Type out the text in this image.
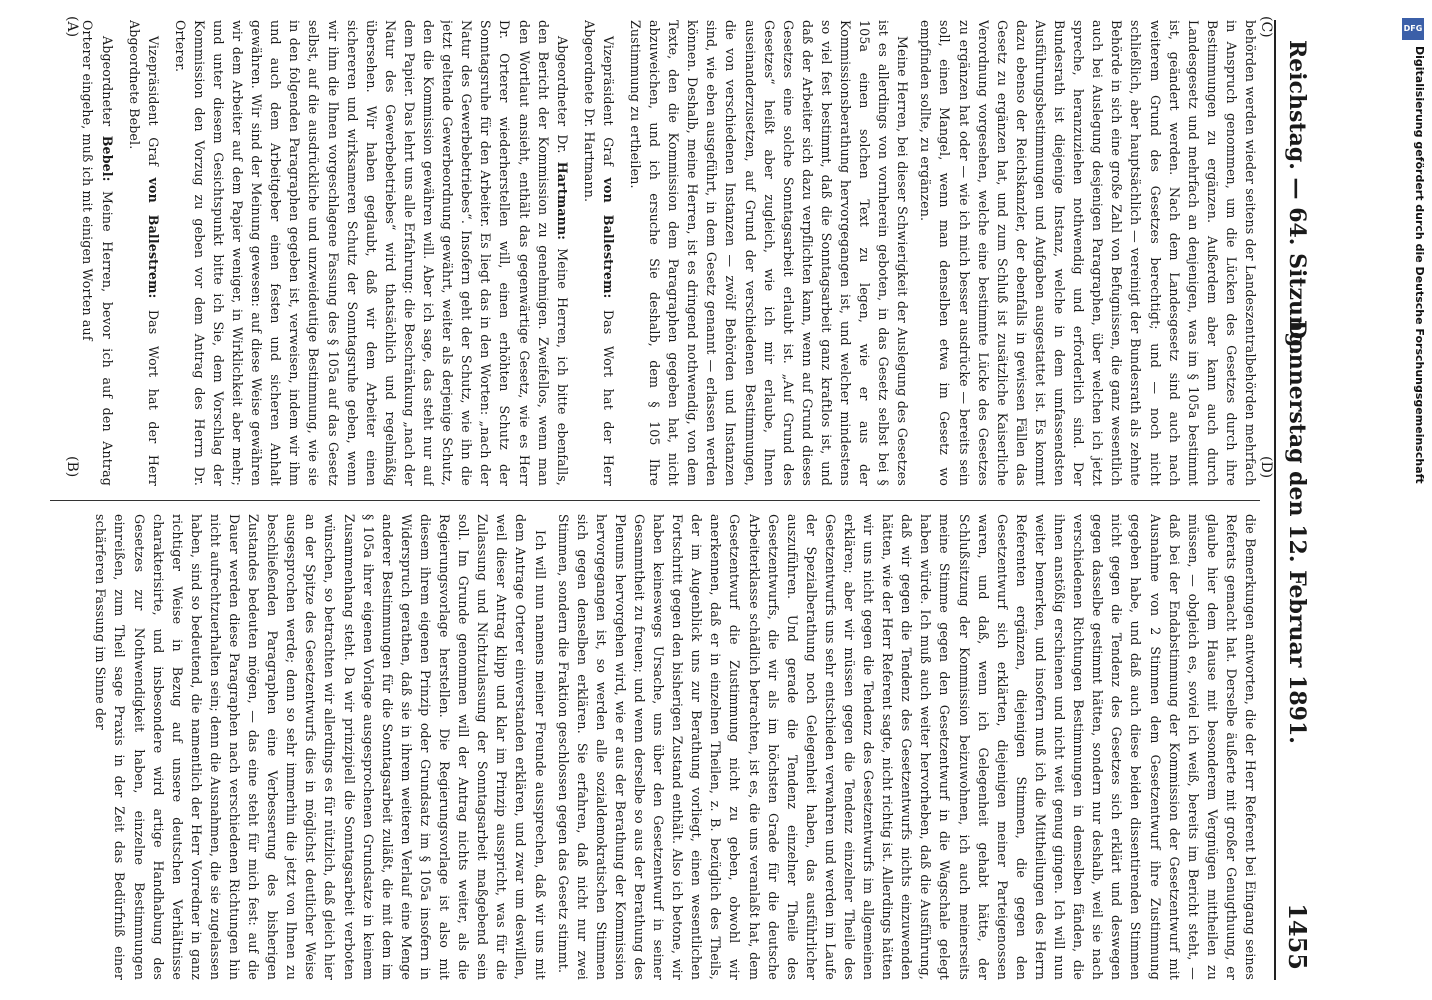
Reichstag. — 64. Sitzung.
Donnerstag den 12. Februar 1891.
1455

behörden werden wieder seitens der Landeszentralbehörden mehrfach in Anspruch genommen, um die Lücken des Gesetzes durch ihre Bestimmungen zu ergänzen. Außerdem aber kann auch durch Landesgesetz und mehrfach an denjenigen, was im § 105a bestimmt ist, geändert werden. Nach dem Landesgesetz sind auch nach weiterem Grund des Gesetzes berechtigt; und — noch nicht schließlich, aber hauptsächlich — vereinigt der Bundesrath als zehnte Behörde in sich eine große Zahl von Befugnissen, die ganz wesentlich auch bei Auslegung desjenigen Paragraphen, über welchen ich jetzt spreche, heranzuziehen nothwendig und erforderlich sind. Der Bundesrath ist diejenige Instanz, welche in dem umfassendsten Ausführungsbestimmungen und Aufgaben ausgestattet ist. Es kommt dazu ebenso der Reichskanzler, der ebenfalls in gewissen Fällen das Gesetz zu ergänzen hat, und zum Schluß ist zusätzliche Kaiserliche Verordnung vorgesehen, welche eine bestimmte Lücke des Gesetzes zu ergänzen hat oder — wie ich mich besser ausdrücke — bereits sein soll, einen Mangel, wenn man denselben etwa im Gesetz wo empfinden sollte, zu ergänzen.

Meine Herren, bei dieser Schwierigkeit der Auslegung des Gesetzes ist es allerdings von vornherein geboten, in das Gesetz selbst bei § 105a einen solchen Text zu legen, wie er aus der Kommissionsberathung hervorgegangen ist, und welcher mindestens so viel fest bestimmt, daß die Sonntagsarbeit ganz kraftlos ist, und daß der Arbeiter sich dazu verpflichten kann, wenn auf Grund dieses Gesetzes eine solche Sonntagsarbeit erlaubt ist. „Auf Grund des Gesetzes“ heißt aber zugleich, wie ich mir erlaube, Ihnen auseinanderzusetzen, auf Grund der verschiedenen Bestimmungen, die von verschiedenen Instanzen — zwölf Behörden und Instanzen sind, wie eben ausgeführt, in dem Gesetz genannt — erlassen werden können. Deshalb, meine Herren, ist es dringend nothwendig, von dem Texte, den die Kommission dem Paragraphen gegeben hat, nicht abzuweichen, und ich ersuche Sie deshalb, dem § 105 Ihre Zustimmung zu ertheilen.

Vizepräsident Graf von Ballestrem: Das Wort hat der Herr Abgeordnete Dr. Hartmann.

Abgeordneter Dr. Hartmann: Meine Herren, ich bitte ebenfalls, den Bericht der Kommission zu genehmigen. Zweifellos, wenn man den Wortlaut ansieht, enthält das gegenwärtige Gesetz, wie es Herr Dr. Orterer wiederherstellen will, einen erhöhten Schutz der Sonntagsruhe für den Arbeiter. Es liegt das in den Worten: „nach der Natur des Gewerbebetriebes“. Insofern geht der Schutz, wie ihn die jetzt geltende Gewerbeordnung gewährt, weiter als derjenige Schutz, den die Kommission gewähren will. Aber ich sage, das steht nur auf dem Papier. Das lehrt uns alle Erfahrung: die Beschränkung „nach der Natur des Gewerbebetriebes“ wird thatsächlich und regelmäßig übersehen. Wir haben geglaubt, daß wir dem Arbeiter einen sichereren und wirksameren Schutz der Sonntagsruhe geben, wenn wir ihm die Ihnen vorgeschlagene Fassung des § 105a auf das Gesetz selbst, auf die ausdrückliche und unzweideutige Bestimmung, wie sie in den folgenden Paragraphen gegeben ist, verweisen, indem wir ihm und auch dem Arbeitgeber einen festen und sicheren Anhalt gewähren. Wir sind der Meinung gewesen: auf diese Weise gewähren wir dem Arbeiter auf dem Papier weniger, in Wirklichkeit aber mehr; und unter diesem Gesichtspunkt bitte ich Sie, dem Vorschlag der Kommission den Vorzug zu geben vor dem Antrag des Herrn Dr. Orterer.

Vizepräsident Graf von Ballestrem: Das Wort hat der Herr Abgeordnete Bebel.

Abgeordneter Bebel: Meine Herren, bevor ich auf den Antrag Orterer eingehe, muß ich mit einigen Worten auf

die Bemerkungen antworten, die der Herr Referent bei Eingang seines Referats gemacht hat. Derselbe äußerte mit großer Genugthuung, er glaube hier dem Hause mit besonderem Vergnügen mittheilen zu müssen, — obgleich es, soviel ich weiß, bereits im Bericht steht, — daß bei der Endabstimmung der Kommission der Gesetzentwurf mit Ausnahme von 2 Stimmen dem Gesetzentwurf ihre Zustimmung gegeben habe, und daß auch diese beiden dissentirenden Stimmen nicht gegen die Tendenz des Gesetzes sich erklärt und deswegen gegen dasselbe gestimmt hätten, sondern nur deshalb, weil sie nach verschiedenen Richtungen Bestimmungen in demselben fänden, die ihnen anstößig erschienen und nicht weit genug gingen. Ich will nun weiter bemerken, und insofern muß ich die Mittheilungen des Herrn Referenten ergänzen, diejenigen Stimmen, die gegen den Gesetzentwurf sich erklärten, diejenigen meiner Parteigenossen waren, und daß, wenn ich Gelegenheit gehabt hätte, der Schlußsitzung der Kommission beizuwohnen, ich auch meinerseits meine Stimme gegen den Gesetzentwurf in die Wagschale gelegt haben würde. Ich muß auch weiter hervorheben, daß die Ausführung, daß wir gegen die Tendenz des Gesetzentwurfs nichts einzuwenden hätten, wie der Herr Referent sagte, nicht richtig ist. Allerdings hätten wir uns nicht gegen die Tendenz des Gesetzentwurfs im allgemeinen erklären; aber wir müssen gegen die Tendenz einzelner Theile des Gesetzentwurfs uns sehr entschieden verwahren und werden im Laufe der Spezialberathung noch Gelegenheit haben, das ausführlicher auszuführen. Und gerade die Tendenz einzelner Theile des Gesetzentwurfs, die wir als im höchsten Grade für die deutsche Arbeiterklasse schädlich betrachten, ist es, die uns veranlaßt hat, dem Gesetzentwurf die Zustimmung nicht zu geben, obwohl wir anerkennen, daß er in einzelnen Theilen, z. B. bezüglich des Theils, der im Augenblick uns zur Berathung vorliegt, einen wesentlichen Fortschritt gegen den bisherigen Zustand enthält. Also ich betone, wir haben keineswegs Ursache, uns über den Gesetzentwurf in seiner Gesammtheit zu freuen; und wenn derselbe so aus der Berathung des Plenums hervorgehen wird, wie er aus der Berathung der Kommission hervorgegangen ist, so werden alle sozialdemokratischen Stimmen sich gegen denselben erklären. Sie erfahren, daß nicht nur zwei Stimmen, sondern die Fraktion geschlossen gegen das Gesetz stimmt.

Ich will nun namens meiner Freunde aussprechen, daß wir uns mit dem Antrage Orterer einverstanden erklären, und zwar um deswillen, weil dieser Antrag klipp und klar im Prinzip ausspricht, was für die Zulassung und Nichtzulassung der Sonntagsarbeit maßgebend sein soll. Im Grunde genommen will der Antrag nichts weiter, als die Regierungsvorlage herstellen. Die Regierungsvorlage ist also mit diesem ihrem eigenen Prinzip oder Grundsatz im § 105a insofern in Widerspruch gerathen, daß sie in ihrem weiteren Verlauf eine Menge anderer Bestimmungen für die Sonntagsarbeit zuläßt, die mit dem im § 105a ihrer eigenen Vorlage ausgesprochenen Grundsatze in keinem Zusammenhang steht. Da wir prinzipiell die Sonntagsarbeit verboten wünschen, so betrachten wir allerdings es für nützlich, daß gleich hier an der Spitze des Gesetzentwurfs dies in möglichst deutlicher Weise ausgesprochen werde; denn so sehr immerhin die jetzt von Ihnen zu beschließenden Paragraphen eine Verbesserung des bisherigen Zustandes bedeuten mögen, — das eine steht für mich fest: auf die Dauer werden diese Paragraphen nach verschiedenen Richtungen hin nicht aufrechtzuerhalten sein; denn die Ausnahmen, die sie zugelassen haben, sind so bedeutend, die namentlich der Herr Vorredner in ganz richtiger Weise in Bezug auf unsere deutschen Verhältnisse charakterisirte, und insbesondere wird artige Handhabung des Gesetzes zur Nothwendigkeit haben, einzelne Bestimmungen einreißen, zum Theil sage Praxis in der Zeit das Bedürfniß einer schärferen Fassung im Sinne der

(A)
(B)
(C)
(D)
DFG
Digitalisierung gefördert durch die Deutsche Forschungsgemeinschaft
